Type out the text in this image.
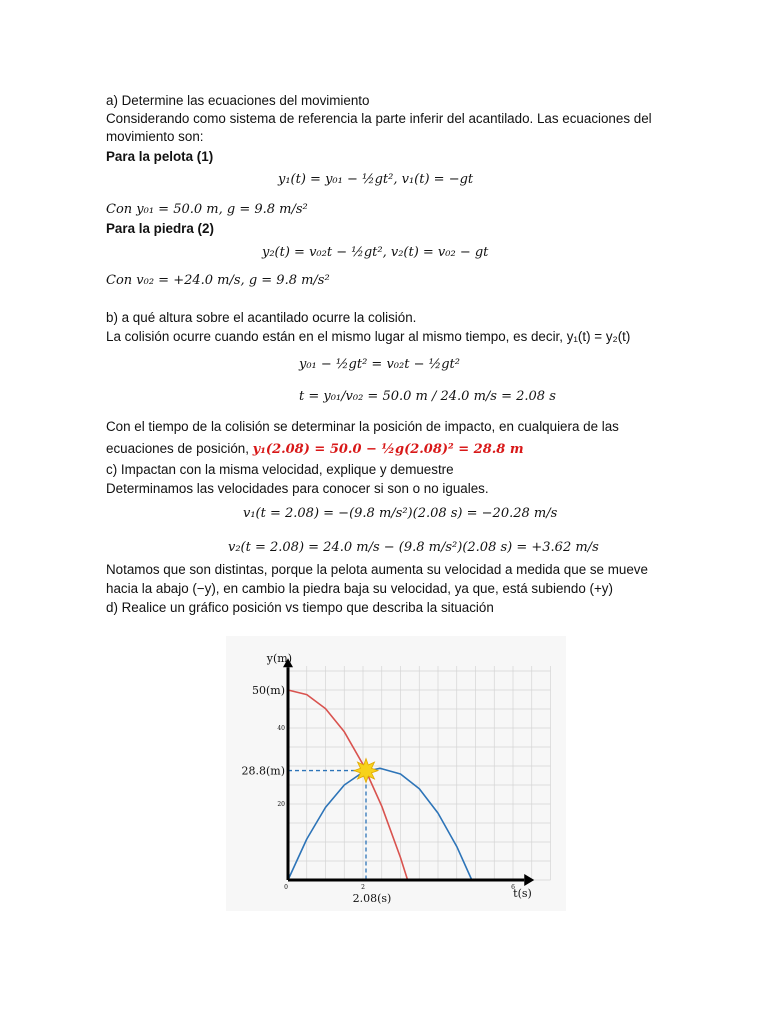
a) Determine las ecuaciones del movimiento
Considerando como sistema de referencia la parte inferir del acantilado. Las ecuaciones del
movimiento son:
Para la pelota (1)
y₁(t) = y₀₁ − ½gt², v₁(t) = −gt
Con y₀₁ = 50.0 m, g = 9.8 m/s²
Para la piedra (2)
y₂(t) = v₀₂t − ½gt², v₂(t) = v₀₂ − gt
Con v₀₂ = +24.0 m/s, g = 9.8 m/s²
b) a qué altura sobre el acantilado ocurre la colisión.
La colisión ocurre cuando están en el mismo lugar al mismo tiempo, es decir, y₁(t) = y₂(t)
y₀₁ − ½gt² = v₀₂t − ½gt²
t = y₀₁/v₀₂ = 50.0 m / 24.0 m/s = 2.08 s
Con el tiempo de la colisión se determinar la posición de impacto, en cualquiera de las
ecuaciones de posición, y₁(2.08) = 50.0 − ½g(2.08)² = 28.8 m
c) Impactan con la misma velocidad, explique y demuestre
Determinamos las velocidades para conocer si son o no iguales.
v₁(t = 2.08) = −(9.8 m/s²)(2.08 s) = −20.28 m/s
v₂(t = 2.08) = 24.0 m/s − (9.8 m/s²)(2.08 s) = +3.62 m/s
Notamos que son distintas, porque la pelota aumenta su velocidad a medida que se mueve
hacia la abajo (−y), en cambio la piedra baja su velocidad, ya que, está subiendo (+y)
d) Realice un gráfico posición vs tiempo que describa la situación
y(m)
t(s)
50(m)
28.8(m)
2.08(s)
20
40
0	2	6
